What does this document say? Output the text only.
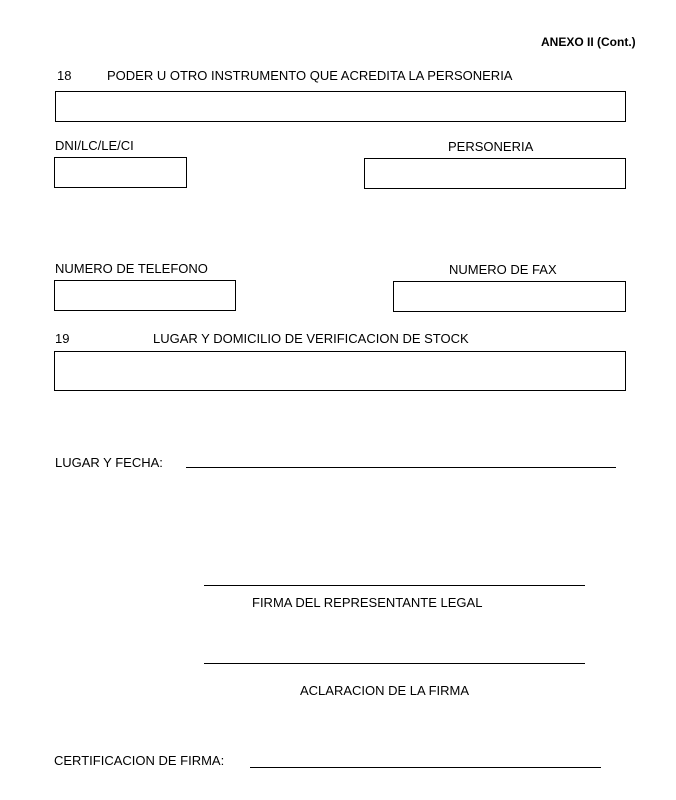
ANEXO II (Cont.)
18	PODER U OTRO INSTRUMENTO QUE ACREDITA LA PERSONERIA
DNI/LC/LE/CI	PERSONERIA
NUMERO DE TELEFONO	NUMERO DE FAX
19	LUGAR Y DOMICILIO DE VERIFICACION DE STOCK
LUGAR Y FECHA:
FIRMA DEL REPRESENTANTE LEGAL
ACLARACION DE LA FIRMA
CERTIFICACION DE FIRMA:
